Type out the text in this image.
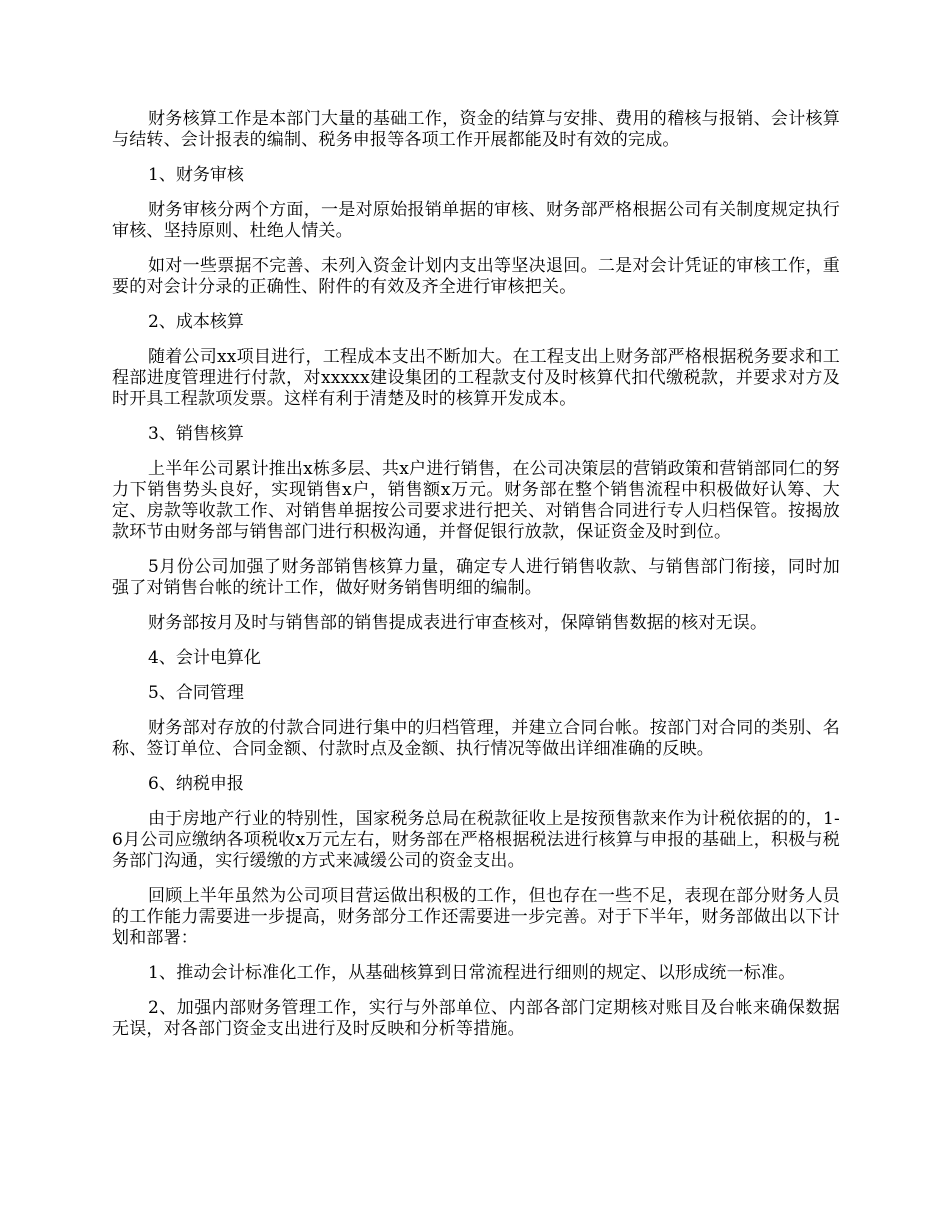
财务核算工作是本部门大量的基础工作，资金的结算与安排、费用的稽核与报销、会计核算与结转、会计报表的编制、税务申报等各项工作开展都能及时有效的完成。

1、财务审核

财务审核分两个方面，一是对原始报销单据的审核、财务部严格根据公司有关制度规定执行审核、坚持原则、杜绝人情关。

如对一些票据不完善、未列入资金计划内支出等坚决退回。二是对会计凭证的审核工作，重要的对会计分录的正确性、附件的有效及齐全进行审核把关。

2、成本核算

随着公司xx项目进行，工程成本支出不断加大。在工程支出上财务部严格根据税务要求和工程部进度管理进行付款，对xxxxx建设集团的工程款支付及时核算代扣代缴税款，并要求对方及时开具工程款项发票。这样有利于清楚及时的核算开发成本。

3、销售核算

上半年公司累计推出x栋多层、共x户进行销售，在公司决策层的营销政策和营销部同仁的努力下销售势头良好，实现销售x户，销售额x万元。财务部在整个销售流程中积极做好认筹、大定、房款等收款工作、对销售单据按公司要求进行把关、对销售合同进行专人归档保管。按揭放款环节由财务部与销售部门进行积极沟通，并督促银行放款，保证资金及时到位。

5月份公司加强了财务部销售核算力量，确定专人进行销售收款、与销售部门衔接，同时加强了对销售台帐的统计工作，做好财务销售明细的编制。

财务部按月及时与销售部的销售提成表进行审查核对，保障销售数据的核对无误。

4、会计电算化

5、合同管理

财务部对存放的付款合同进行集中的归档管理，并建立合同台帐。按部门对合同的类别、名称、签订单位、合同金额、付款时点及金额、执行情况等做出详细准确的反映。

6、纳税申报

由于房地产行业的特别性，国家税务总局在税款征收上是按预售款来作为计税依据的的，1-6月公司应缴纳各项税收x万元左右，财务部在严格根据税法进行核算与申报的基础上，积极与税务部门沟通，实行缓缴的方式来减缓公司的资金支出。

回顾上半年虽然为公司项目营运做出积极的工作，但也存在一些不足，表现在部分财务人员的工作能力需要进一步提高，财务部分工作还需要进一步完善。对于下半年，财务部做出以下计划和部署：

1、推动会计标准化工作，从基础核算到日常流程进行细则的规定、以形成统一标准。

2、加强内部财务管理工作，实行与外部单位、内部各部门定期核对账目及台帐来确保数据无误，对各部门资金支出进行及时反映和分析等措施。
